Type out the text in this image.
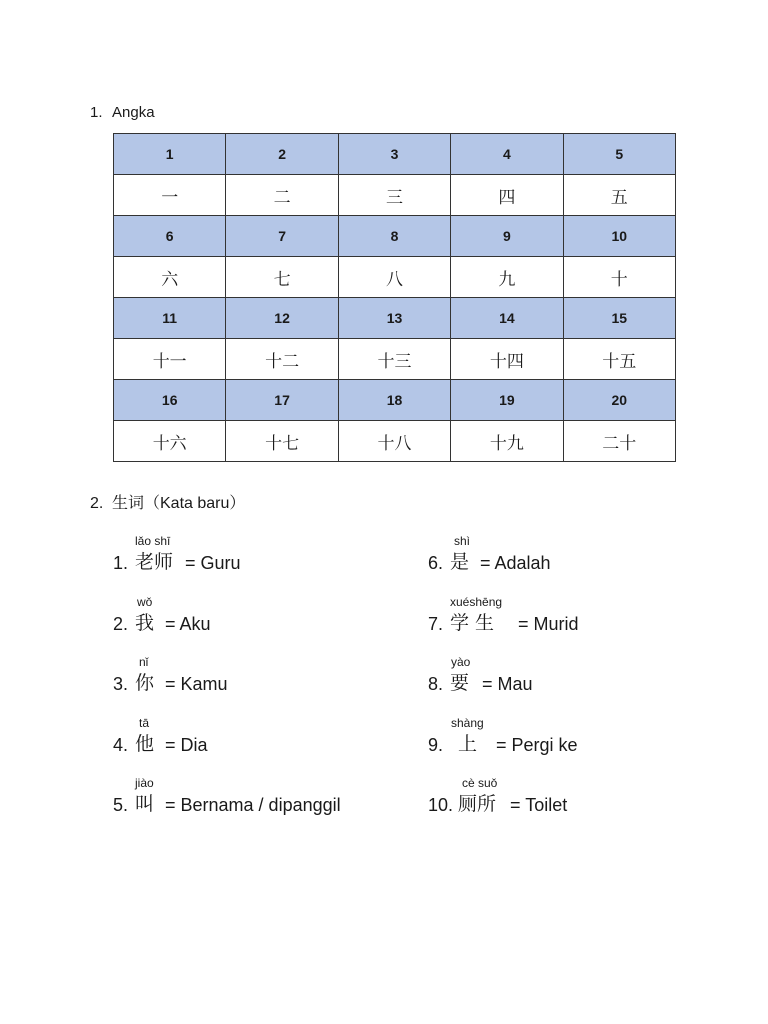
1. Angka
1	2	3	4	5
一	二	三	四	五
6	7	8	9	10
六	七	八	九	十
11	12	13	14	15
十一	十二	十三	十四	十五
16	17	18	19	20
十六	十七	十八	十九	二十
2. 生词（Kata baru）
1.
lǎo shī
老师 = Guru
2.
wǒ
我 = Aku
3.
nǐ
你 = Kamu
4.
tā
他 = Dia
5.
jiào
叫 = Bernama / dipanggil
6.
shì
是 = Adalah
7.
xuéshēng
学 生 = Murid
8.
yào
要 = Mau
9.
shàng
上 = Pergi ke
10.
cè suǒ
厕所 = Toilet
